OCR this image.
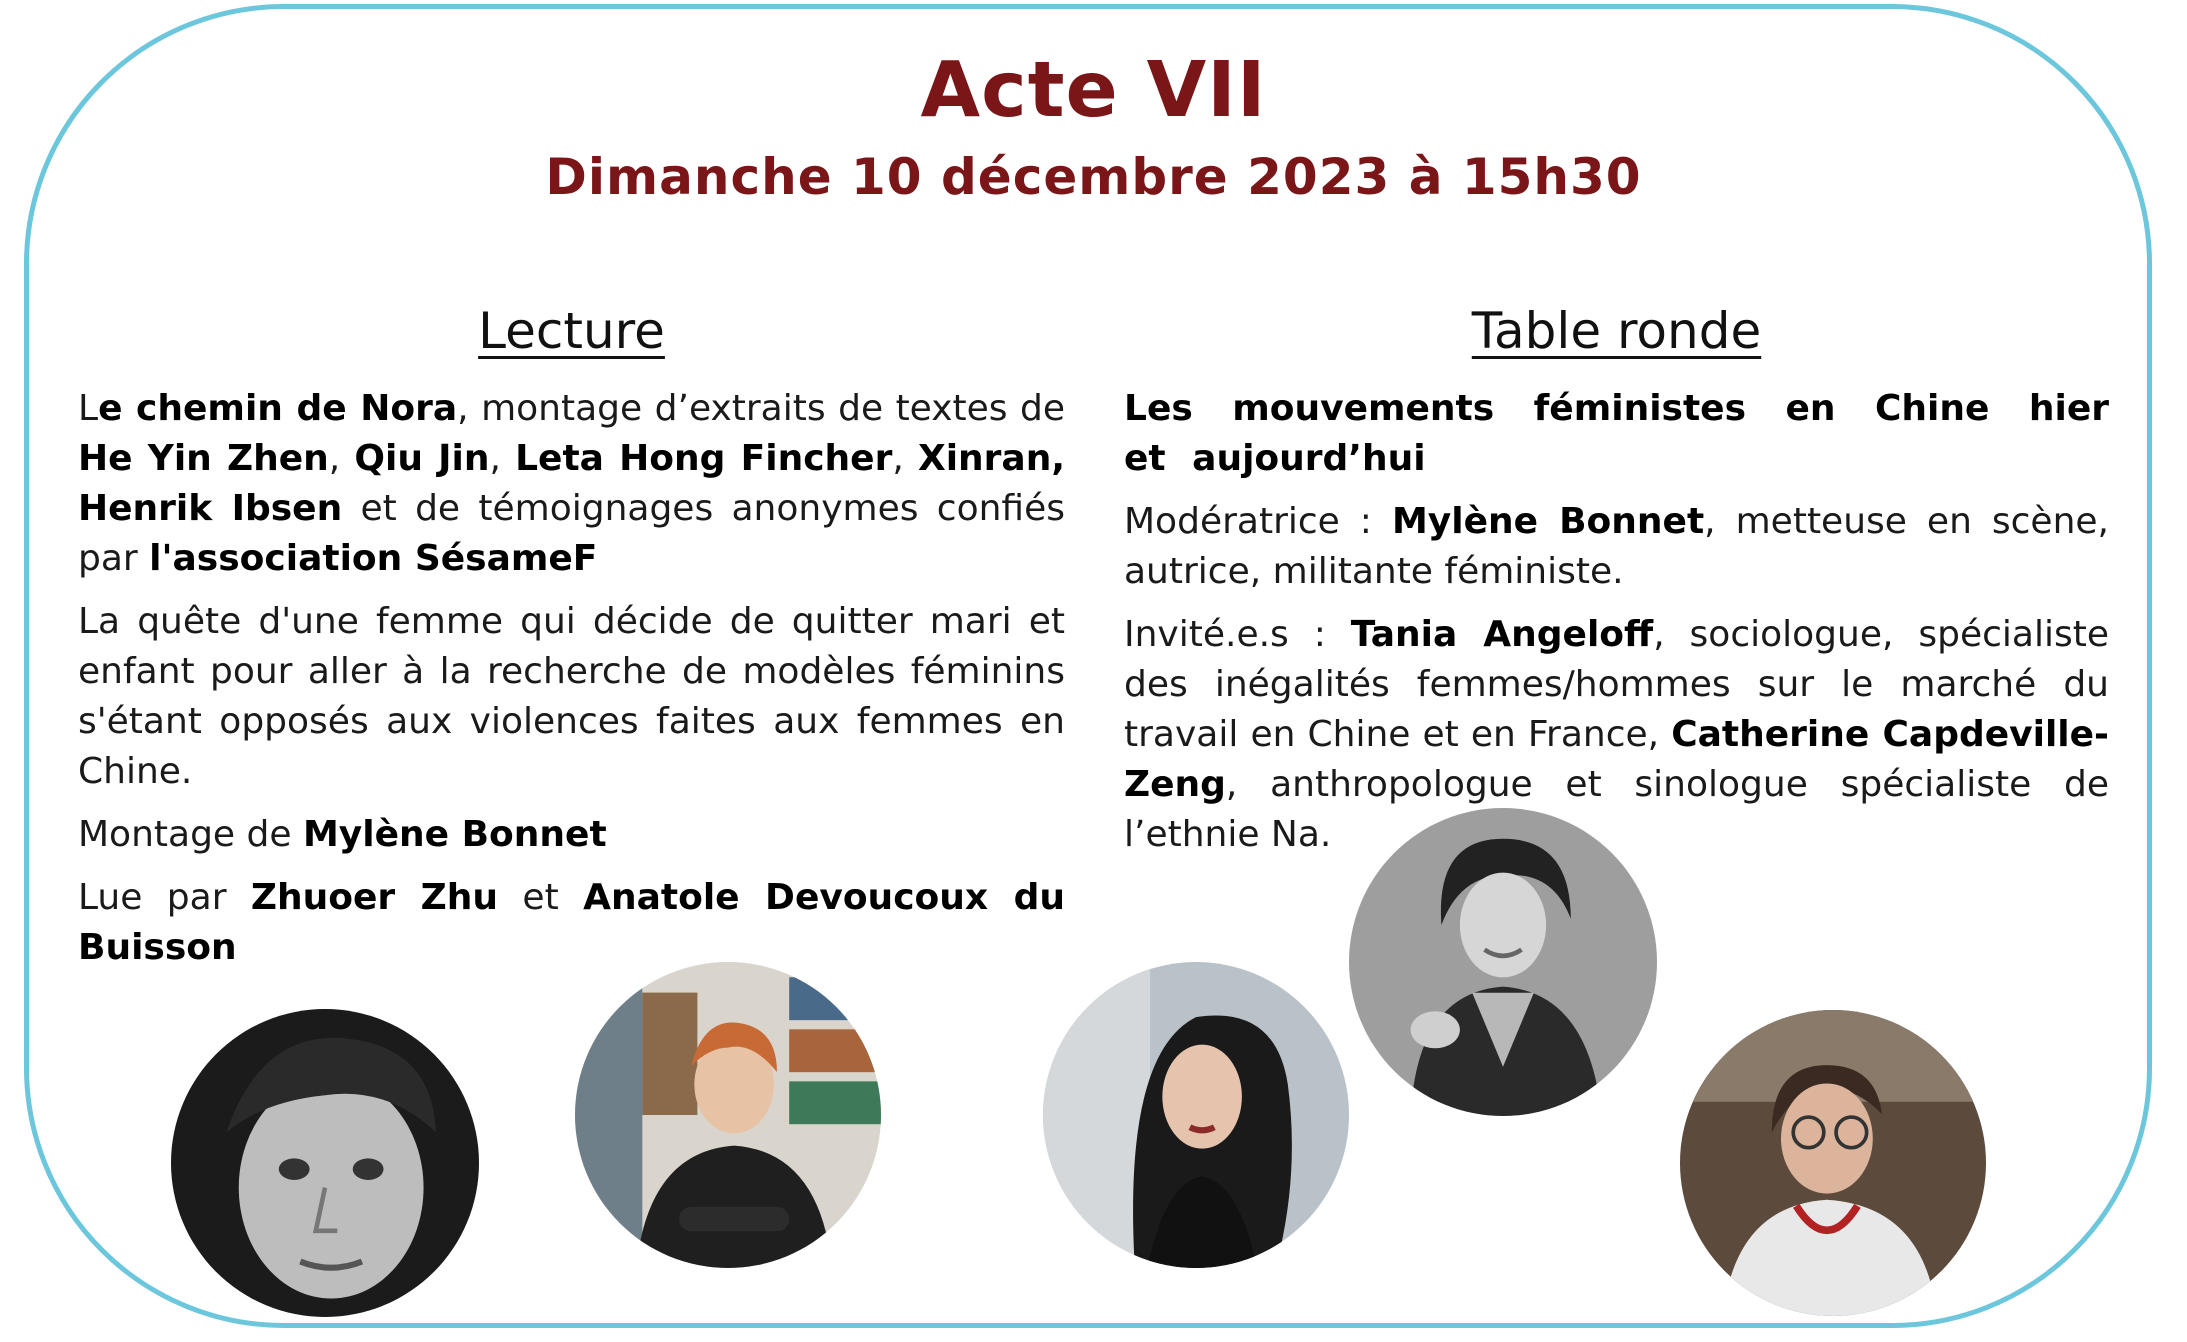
Acte VII
Dimanche 10 décembre 2023 à 15h30
Lecture

Le chemin de Nora, montage d’extraits de textes de He Yin Zhen, Qiu Jin, Leta Hong Fincher, Xinran, Henrik Ibsen et de témoignages anonymes confiés par l'association SésameF

La quête d'une femme qui décide de quitter mari et enfant pour aller à la recherche de modèles féminins s'étant opposés aux violences faites aux femmes en Chine.

Montage de Mylène Bonnet

Lue par Zhuoer Zhu et Anatole Devoucoux du Buisson

Table ronde

Les mouvements féministes en Chine hier et aujourd’hui

Modératrice : Mylène Bonnet, metteuse en scène, autrice, militante féministe.

Invité.e.s : Tania Angeloff, sociologue, spécialiste des inégalités femmes/hommes sur le marché du travail en Chine et en France, Catherine Capdeville-Zeng, anthropologue et sinologue spécialiste de l’ethnie Na.
